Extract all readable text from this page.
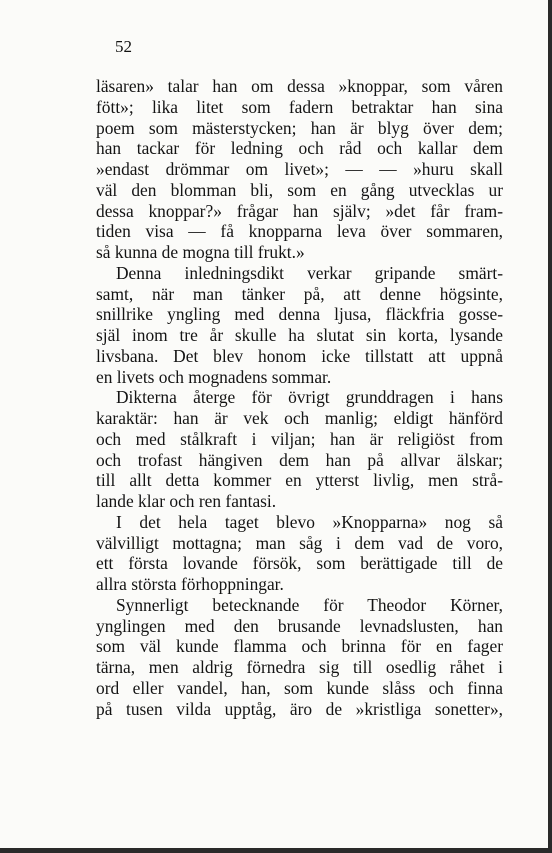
52
läsaren» talar han om dessa »knoppar, som våren
fött»; lika litet som fadern betraktar han sina
poem som mästerstycken; han är blyg över dem;
han tackar för ledning och råd och kallar dem
»endast drömmar om livet»; — — »huru skall
väl den blomman bli, som en gång utvecklas ur
dessa knoppar?» frågar han själv; »det får fram-
tiden visa — få knopparna leva över sommaren,
så kunna de mogna till frukt.»
Denna inledningsdikt verkar gripande smärt-
samt, när man tänker på, att denne högsinte,
snillrike yngling med denna ljusa, fläckfria gosse-
själ inom tre år skulle ha slutat sin korta, lysande
livsbana. Det blev honom icke tillstatt att uppnå
en livets och mognadens sommar.
Dikterna återge för övrigt grunddragen i hans
karaktär: han är vek och manlig; eldigt hänförd
och med stålkraft i viljan; han är religiöst from
och trofast hängiven dem han på allvar älskar;
till allt detta kommer en ytterst livlig, men strå-
lande klar och ren fantasi.
I det hela taget blevo »Knopparna» nog så
välvilligt mottagna; man såg i dem vad de voro,
ett första lovande försök, som berättigade till de
allra största förhoppningar.
Synnerligt betecknande för Theodor Körner,
ynglingen med den brusande levnadslusten, han
som väl kunde flamma och brinna för en fager
tärna, men aldrig förnedra sig till osedlig råhet i
ord eller vandel, han, som kunde slåss och finna
på tusen vilda upptåg, äro de »kristliga sonetter»,
